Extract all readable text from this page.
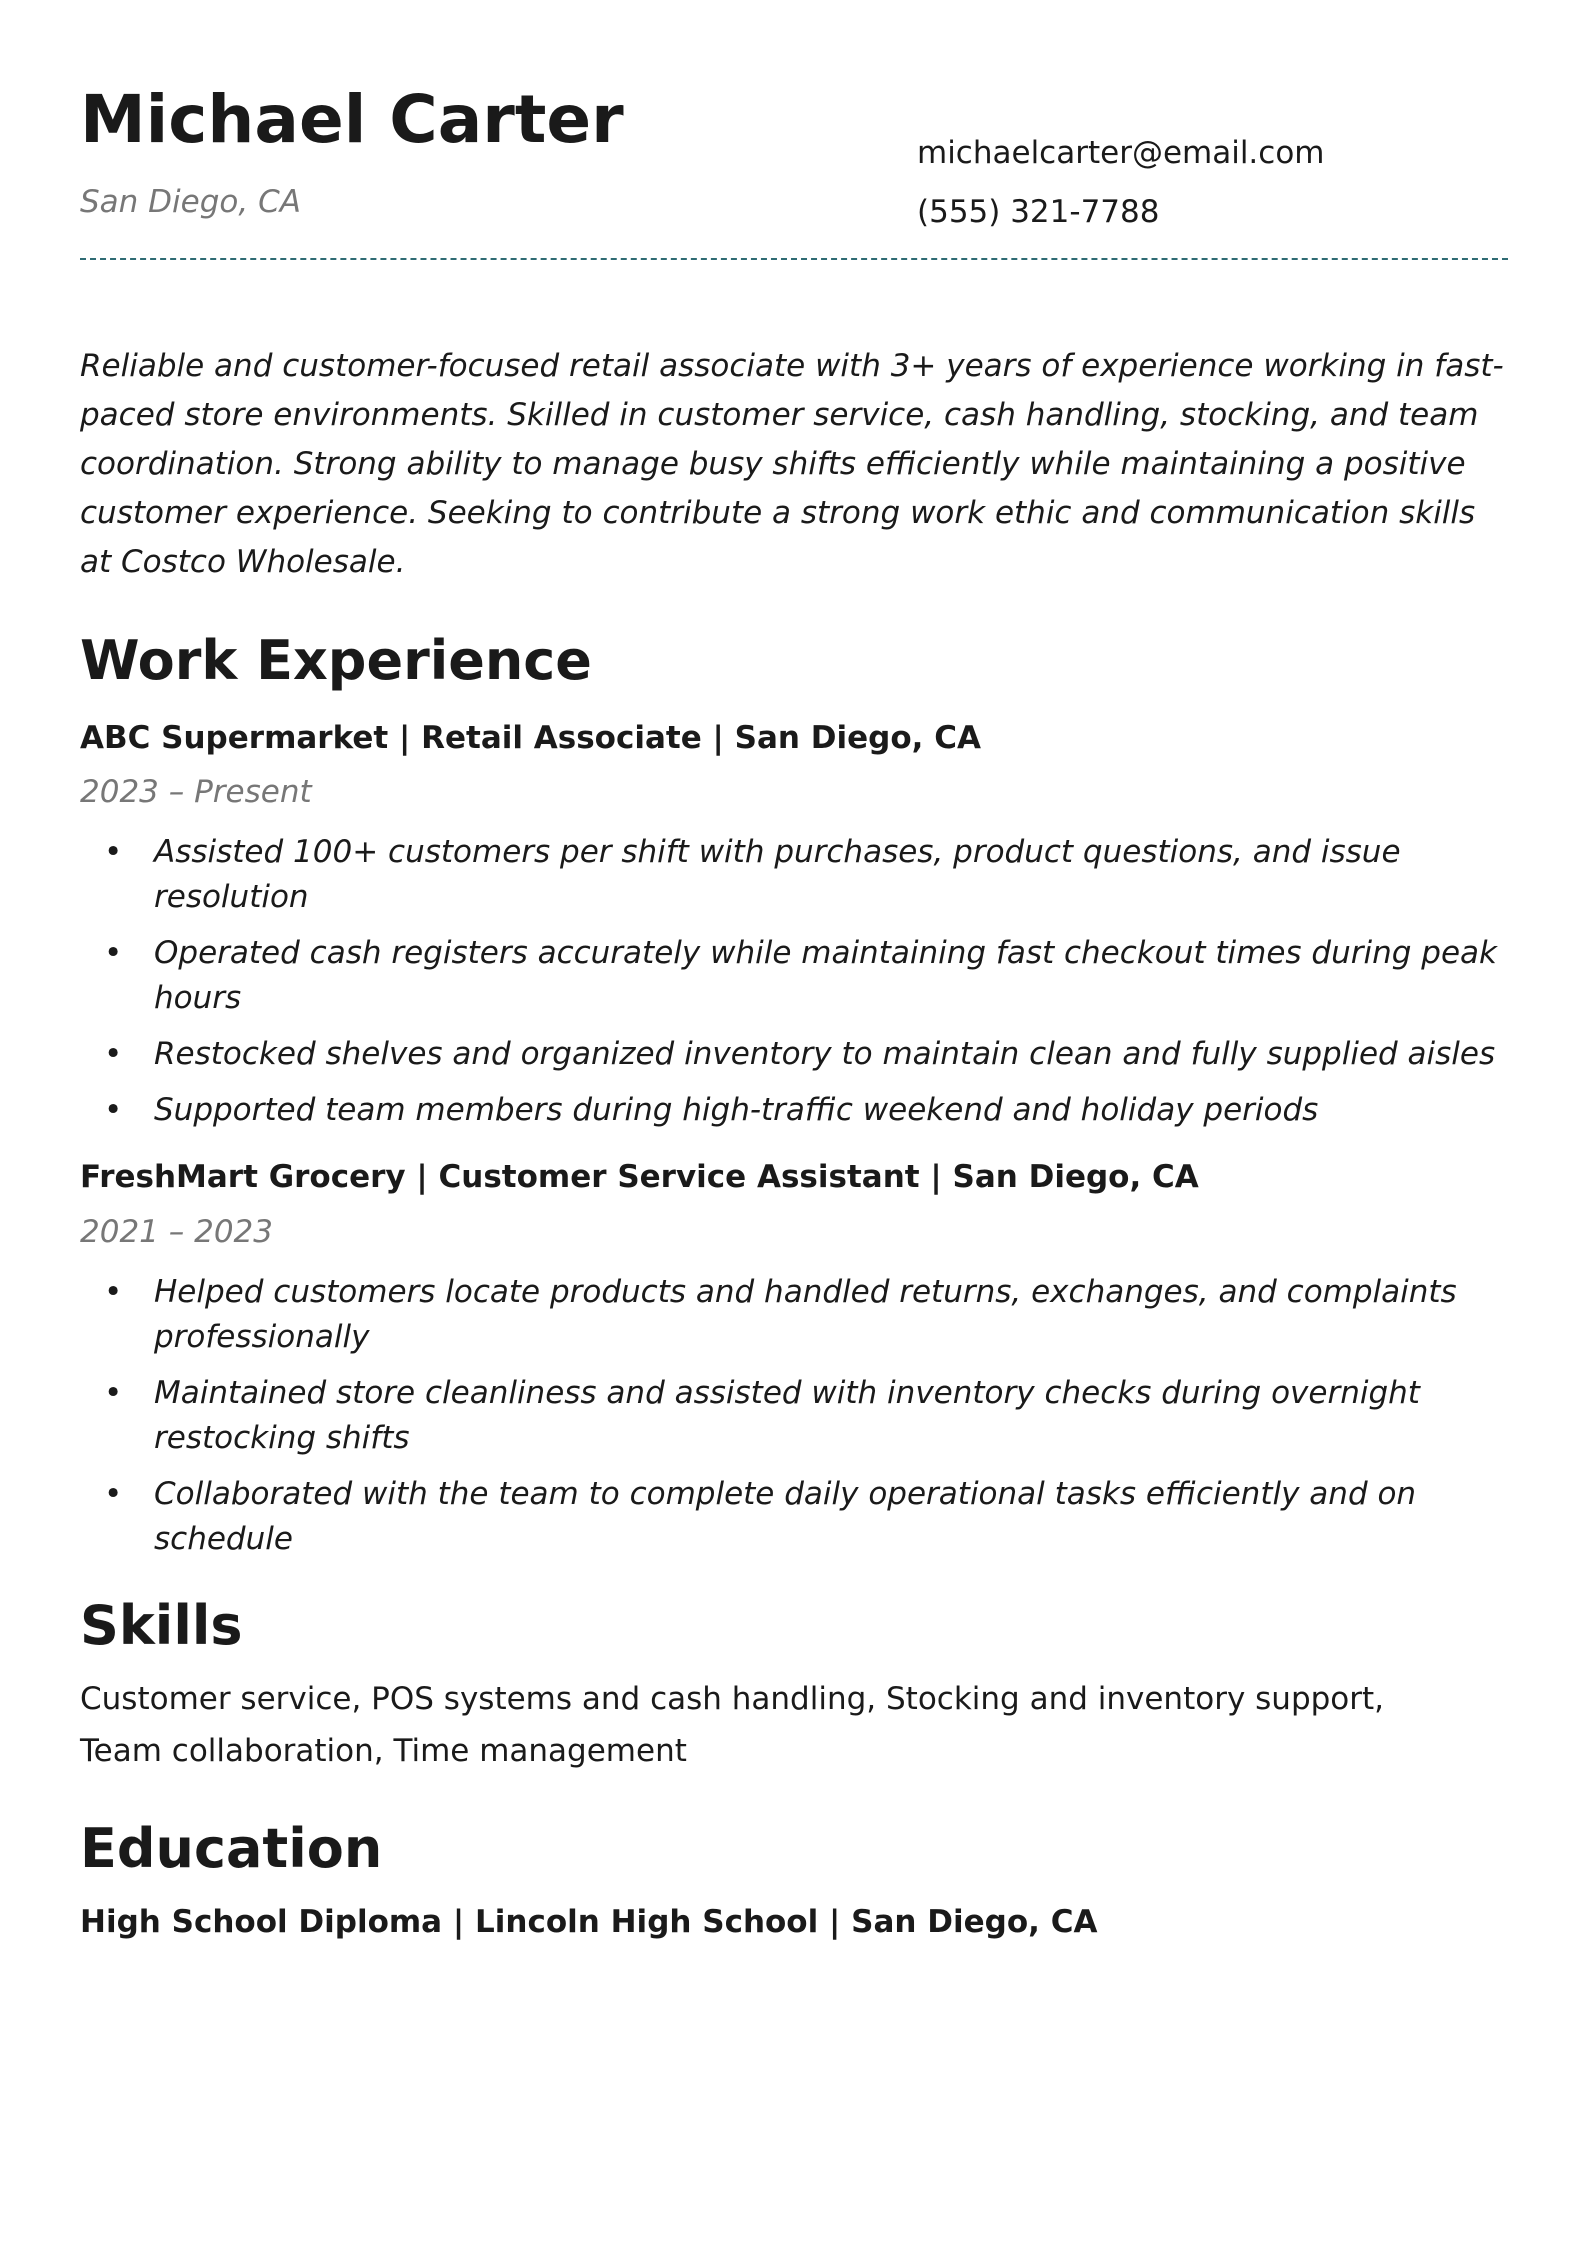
Michael Carter
San Diego, CA
michaelcarter@email.com
(555) 321-7788
Reliable and customer-focused retail associate with 3+ years of experience working in fast-paced store environments. Skilled in customer service, cash handling, stocking, and team coordination. Strong ability to manage busy shifts efficiently while maintaining a positive customer experience. Seeking to contribute a strong work ethic and communication skills at Costco Wholesale.
Work Experience
ABC Supermarket | Retail Associate | San Diego, CA
2023 – Present
• Assisted 100+ customers per shift with purchases, product questions, and issue resolution
• Operated cash registers accurately while maintaining fast checkout times during peak hours
• Restocked shelves and organized inventory to maintain clean and fully supplied aisles
• Supported team members during high-traffic weekend and holiday periods
FreshMart Grocery | Customer Service Assistant | San Diego, CA
2021 – 2023
• Helped customers locate products and handled returns, exchanges, and complaints professionally
• Maintained store cleanliness and assisted with inventory checks during overnight restocking shifts
• Collaborated with the team to complete daily operational tasks efficiently and on schedule
Skills
Customer service, POS systems and cash handling, Stocking and inventory support, Team collaboration, Time management
Education
High School Diploma | Lincoln High School | San Diego, CA
